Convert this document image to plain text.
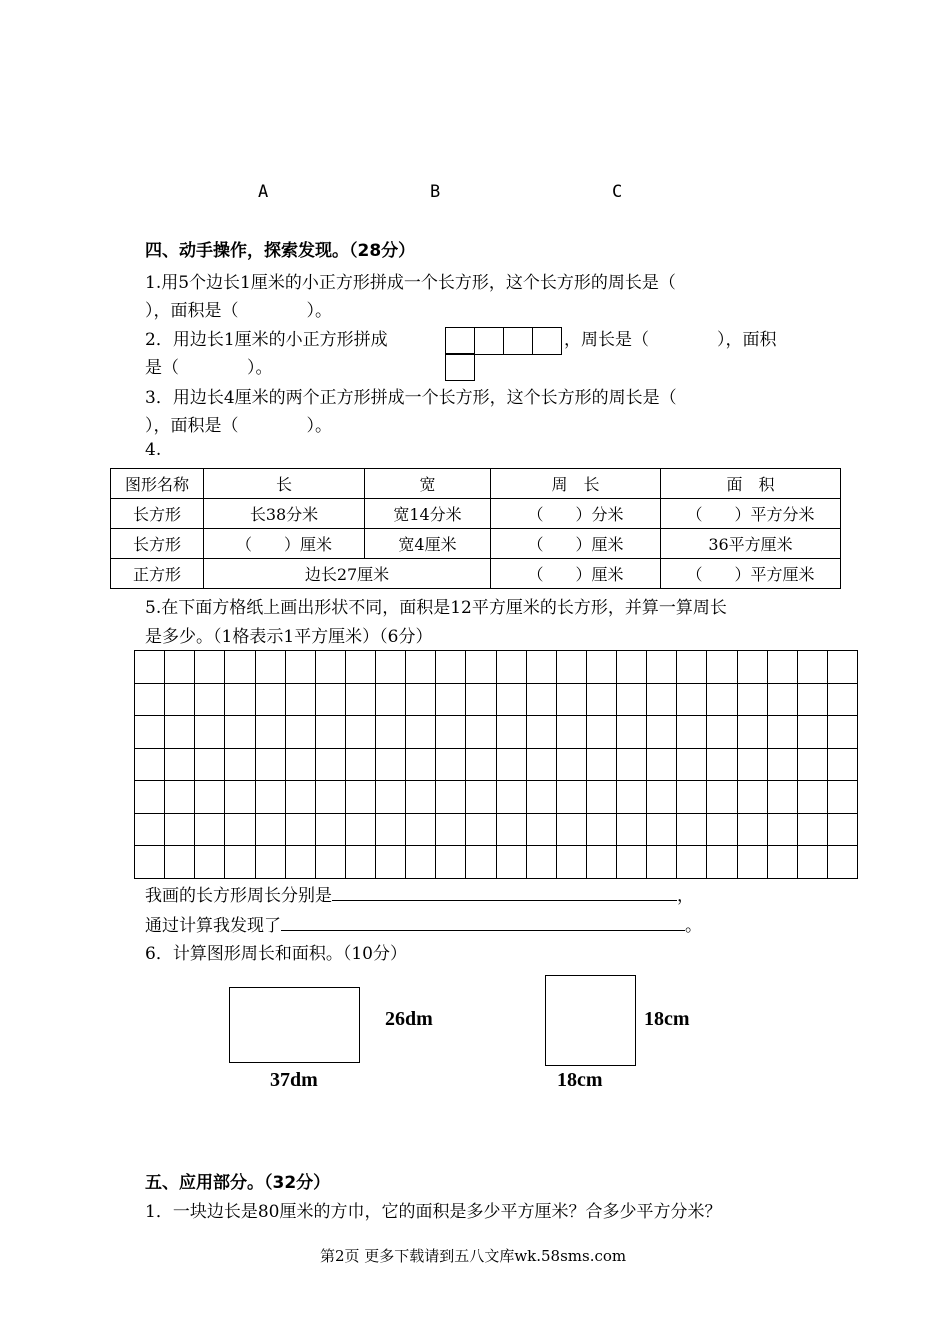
A	B	C
四、动手操作，探索发现。（28分）
1.用5个边长1厘米的小正方形拼成一个长方形，这个长方形的周长是（
），面积是（　　　　）。
2．用边长1厘米的小正方形拼成	，周长是（　　　　），面积
是（　　　　）。
3．用边长4厘米的两个正方形拼成一个长方形，这个长方形的周长是（
），面积是（　　　　）。
4.
图形名称	长	宽	周　长	面　积
长方形	长38分米	宽14分米	（　　）分米	（　　）平方分米
长方形	（　　）厘米	宽4厘米	（　　）厘米	36平方厘米
正方形	边长27厘米		（　　）厘米	（　　）平方厘米
5.在下面方格纸上画出形状不同，面积是12平方厘米的长方形，并算一算周长
是多少。（1格表示1平方厘米）（6分）
我画的长方形周长分别是	，
通过计算我发现了	。
6．计算图形周长和面积。（10分）
26dm
37dm
18cm
18cm
五、应用部分。（32分）
1．一块边长是80厘米的方巾，它的面积是多少平方厘米？合多少平方分米？
第2页 更多下载请到五八文库wk.58sms.com
